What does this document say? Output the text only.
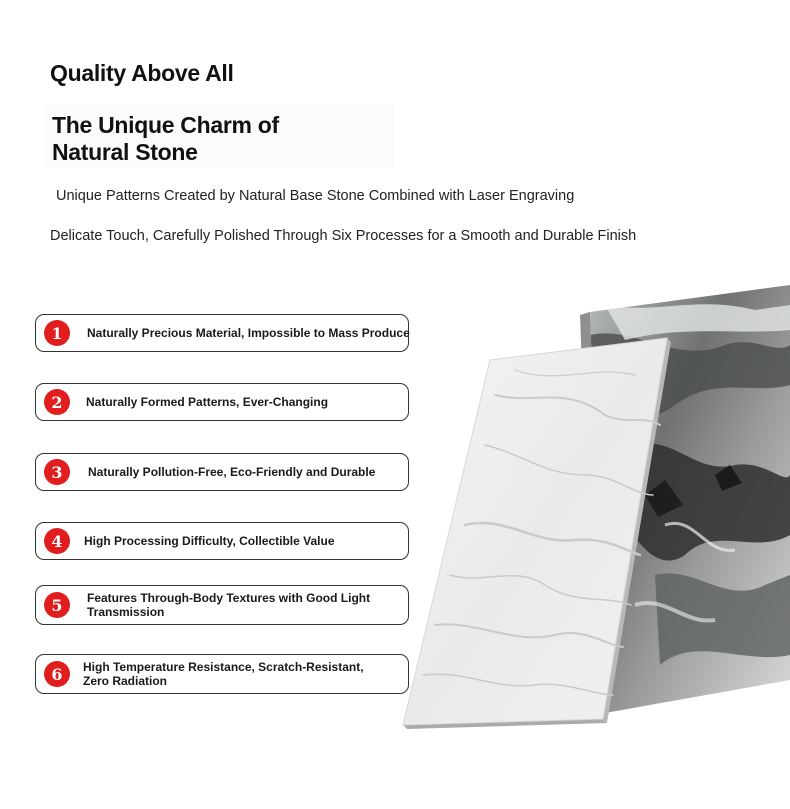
Quality Above All
The Unique Charm of
Natural Stone

Unique Patterns Created by Natural Base Stone Combined with Laser Engraving

Delicate Touch, Carefully Polished Through Six Processes for a Smooth and Durable Finish

1	Naturally Precious Material, Impossible to Mass Produce
2	Naturally Formed Patterns, Ever-Changing
3	Naturally Pollution-Free, Eco-Friendly and Durable
4	High Processing Difficulty, Collectible Value
5	Features Through-Body Textures with Good Light
Transmission
6	High Temperature Resistance, Scratch-Resistant,
Zero Radiation
